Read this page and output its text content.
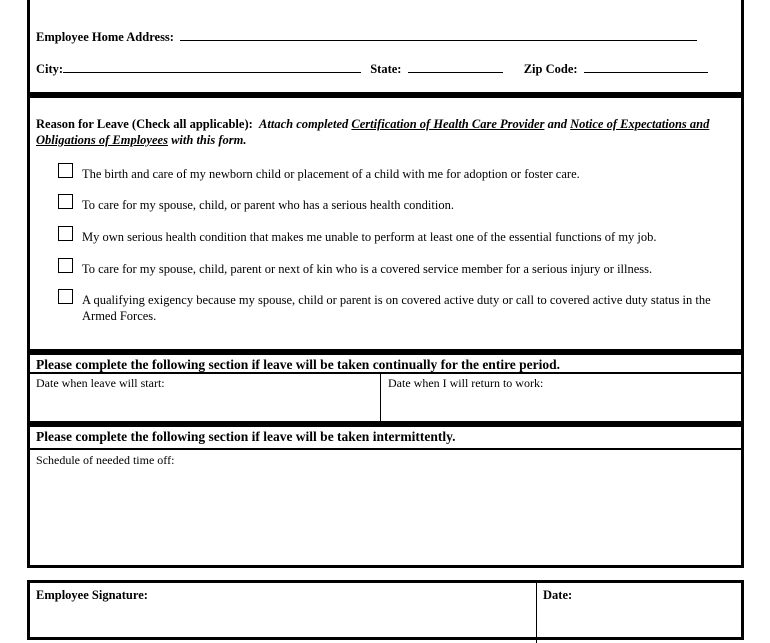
Employee Home Address:
City:	State:	Zip Code:
Reason for Leave (Check all applicable): Attach completed Certification of Health Care Provider and Notice of Expectations and Obligations of Employees with this form.
The birth and care of my newborn child or placement of a child with me for adoption or foster care.
To care for my spouse, child, or parent who has a serious health condition.
My own serious health condition that makes me unable to perform at least one of the essential functions of my job.
To care for my spouse, child, parent or next of kin who is a covered service member for a serious injury or illness.
A qualifying exigency because my spouse, child or parent is on covered active duty or call to covered active duty status in the Armed Forces.
Please complete the following section if leave will be taken continually for the entire period.
Date when leave will start:	Date when I will return to work:
Please complete the following section if leave will be taken intermittently.
Schedule of needed time off:
Employee Signature:	Date:
